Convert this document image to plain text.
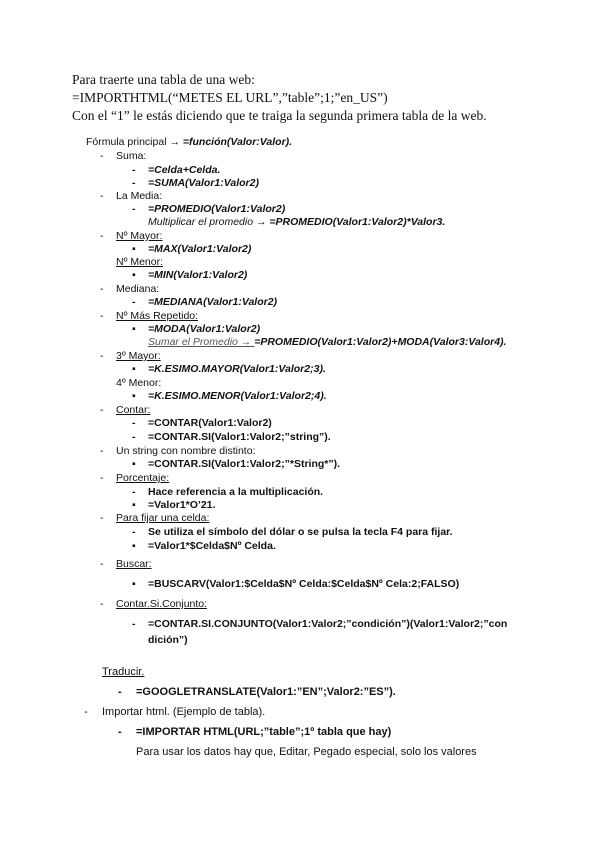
Para traerte una tabla de una web:
=IMPORTHTML(“METES EL URL”,”table”;1;”en_US”)
Con el “1” le estás diciendo que te traiga la segunda primera tabla de la web.
Fórmula principal → =función(Valor:Valor).
- Suma:
- =Celda+Celda.
- =SUMA(Valor1:Valor2)
- La Media:
- =PROMEDIO(Valor1:Valor2)
Multiplicar el promedio → =PROMEDIO(Valor1:Valor2)*Valor3.
- Nº Mayor:
▪ =MAX(Valor1:Valor2)
Nº Menor:
▪ =MIN(Valor1:Valor2)
- Mediana:
- =MEDIANA(Valor1:Valor2)
- Nº Más Repetido:
▪ =MODA(Valor1:Valor2)
Sumar el Promedio → =PROMEDIO(Valor1:Valor2)+MODA(Valor3:Valor4).
- 3º Mayor:
▪ =K.ESIMO.MAYOR(Valor1:Valor2;3).
4º Menor:
▪ =K.ESIMO.MENOR(Valor1:Valor2;4).
- Contar:
- =CONTAR(Valor1:Valor2)
- =CONTAR.SI(Valor1:Valor2;”string”).
- Un string con nombre distinto:
▪ =CONTAR.SI(Valor1:Valor2;”*String*”).
- Porcentaje:
- Hace referencia a la multiplicación.
▪ =Valor1*O’21.
- Para fijar una celda:
- Se utiliza el símbolo del dólar o se pulsa la tecla F4 para fijar.
▪ =Valor1*$Celda$Nº Celda.
- Buscar:
▪ =BUSCARV(Valor1:$Celda$Nº Celda:$Celda$Nº Cela:2;FALSO)
- Contar.Si.Conjunto:
- =CONTAR.SI.CONJUNTO(Valor1:Valor2;”condición”)(Valor1:Valor2;”con
dición”)
Traducir.
- =GOOGLETRANSLATE(Valor1:”EN”;Valor2:”ES”).
- Importar html. (Ejemplo de tabla).
- =IMPORTAR HTML(URL;”table”;1º tabla que hay)
Para usar los datos hay que, Editar, Pegado especial, solo los valores
